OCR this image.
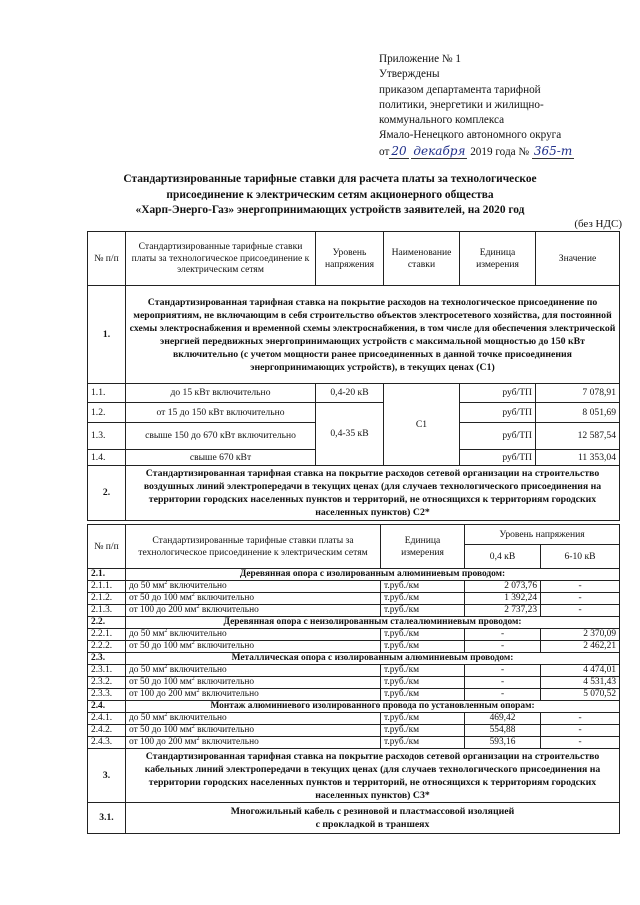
Приложение № 1
Утверждены
приказом департамента тарифной
политики, энергетики и жилищно-
коммунального комплекса
Ямало-Ненецкого автономного округа
от 20 декабря 2019 года № 365-т
Стандартизированные тарифные ставки для расчета платы за технологическое
присоединение к электрическим сетям акционерного общества
«Харп-Энерго-Газ» энергопринимающих устройств заявителей, на 2020 год
(без НДС)
№ п/п	Стандартизированные тарифные ставки платы за технологическое присоединение к электрическим сетям	Уровень напряжения	Наименование ставки	Единица измерения	Значение
1.	Стандартизированная тарифная ставка на покрытие расходов на технологическое присоединение по мероприятиям, не включающим в себя строительство объектов электросетевого хозяйства, для постоянной схемы электроснабжения и временной схемы электроснабжения, в том числе для обеспечения электрической энергией передвижных энергопринимающих устройств с максимальной мощностью до 150 кВт включительно (с учетом мощности ранее присоединенных в данной точке присоединения энергопринимающих устройств), в текущих ценах (С1)				
1.1.	до 15 кВт включительно	0,4-20 кВ	С1	руб/ТП	7 078,91
1.2.	от 15 до 150 кВт включительно	0,4-35 кВ		руб/ТП	8 051,69
1.3.	свыше 150 до 670 кВт включительно			руб/ТП	12 587,54
1.4.	свыше 670 кВт			руб/ТП	11 353,04
2.	Стандартизированная тарифная ставка на покрытие расходов сетевой организации на строительство воздушных линий электропередачи в текущих ценах (для случаев технологического присоединения на территории городских населенных пунктов и территорий, не относящихся к территориям городских населенных пунктов) С2*				
№ п/п	Стандартизированные тарифные ставки платы за технологическое присоединение к электрическим сетям	Единица измерения	Уровень напряжения	
			0,4 кВ	6-10 кВ
2.1.	Деревянная опора с изолированным алюминиевым проводом:			
2.1.1.	до 50 $мм^2$ включительно	т.руб./км	2 073,76	-
2.1.2.	от 50 до 100 $мм^2$ включительно	т.руб./км	1 392,24	-
2.1.3.	от 100 до 200 $мм^2$ включительно	т.руб./км	2 737,23	-
2.2.	Деревянная опора с неизолированным сталеалюминиевым проводом:			
2.2.1.	до 50 $мм^2$ включительно	т.руб./км	-	2 370,09
2.2.2.	от 50 до 100 $мм^2$ включительно	т.руб./км	-	2 462,21
2.3.	Металлическая опора с изолированным алюминиевым проводом:			
2.3.1.	до 50 $мм^2$ включительно	т.руб./км	-	4 474,01
2.3.2.	от 50 до 100 $мм^2$ включительно	т.руб./км	-	4 531,43
2.3.3.	от 100 до 200 $мм^2$ включительно	т.руб./км	-	5 070,52
2.4.	Монтаж алюминиевого изолированного провода по установленным опорам:			
2.4.1.	до 50 $мм^2$ включительно	т.руб./км	469,42	-
2.4.2.	от 50 до 100 $мм^2$ включительно	т.руб./км	554,88	-
2.4.3.	от 100 до 200 $мм^2$ включительно	т.руб./км	593,16	-
3.	Стандартизированная тарифная ставка на покрытие расходов сетевой организации на строительство кабельных линий электропередачи в текущих ценах (для случаев технологического присоединения на территории городских населенных пунктов и территорий, не относящихся к территориям городских населенных пунктов) С3*			
3.1.	Многожильный кабель с резиновой и пластмассовой изоляцией
с прокладкой в траншеях			
